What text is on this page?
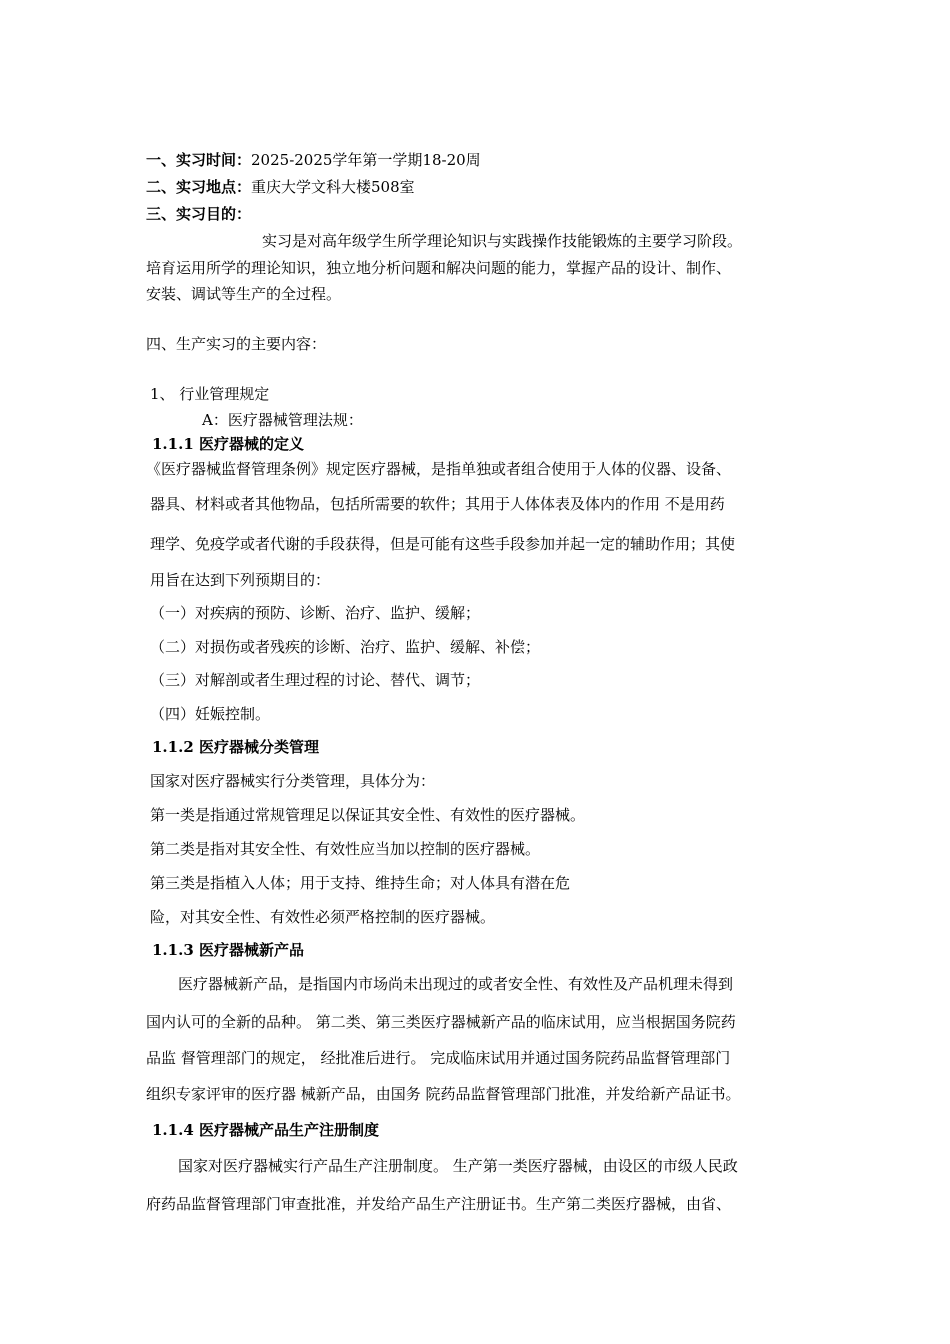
一、实习时间：2025-2025学年第一学期18-20周
二、实习地点：重庆大学文科大楼508室
三、实习目的：
实习是对高年级学生所学理论知识与实践操作技能锻炼的主要学习阶段。
培育运用所学的理论知识，独立地分析问题和解决问题的能力，掌握产品的设计、制作、
安装、调试等生产的全过程。
四、生产实习的主要内容：
1、 行业管理规定
A：医疗器械管理法规：
1.1.1 医疗器械的定义
《医疗器械监督管理条例》规定医疗器械，是指单独或者组合使用于人体的仪器、设备、
器具、材料或者其他物品，包括所需要的软件；其用于人体体表及体内的作用 不是用药
理学、免疫学或者代谢的手段获得，但是可能有这些手段参加并起一定的辅助作用；其使
用旨在达到下列预期目的：
（一）对疾病的预防、诊断、治疗、监护、缓解；
（二）对损伤或者残疾的诊断、治疗、监护、缓解、补偿；
（三）对解剖或者生理过程的讨论、替代、调节；
（四）妊娠控制。
1.1.2 医疗器械分类管理
国家对医疗器械实行分类管理，具体分为：
第一类是指通过常规管理足以保证其安全性、有效性的医疗器械。
第二类是指对其安全性、有效性应当加以控制的医疗器械。
第三类是指植入人体；用于支持、维持生命；对人体具有潜在危
险，对其安全性、有效性必须严格控制的医疗器械。
1.1.3 医疗器械新产品
医疗器械新产品，是指国内市场尚未出现过的或者安全性、有效性及产品机理未得到
国内认可的全新的品种。 第二类、第三类医疗器械新产品的临床试用，应当根据国务院药
品监 督管理部门的规定， 经批准后进行。 完成临床试用并通过国务院药品监督管理部门
组织专家评审的医疗器 械新产品，由国务 院药品监督管理部门批准，并发给新产品证书。
1.1.4 医疗器械产品生产注册制度
国家对医疗器械实行产品生产注册制度。 生产第一类医疗器械，由设区的市级人民政
府药品监督管理部门审查批准，并发给产品生产注册证书。生产第二类医疗器械，由省、
